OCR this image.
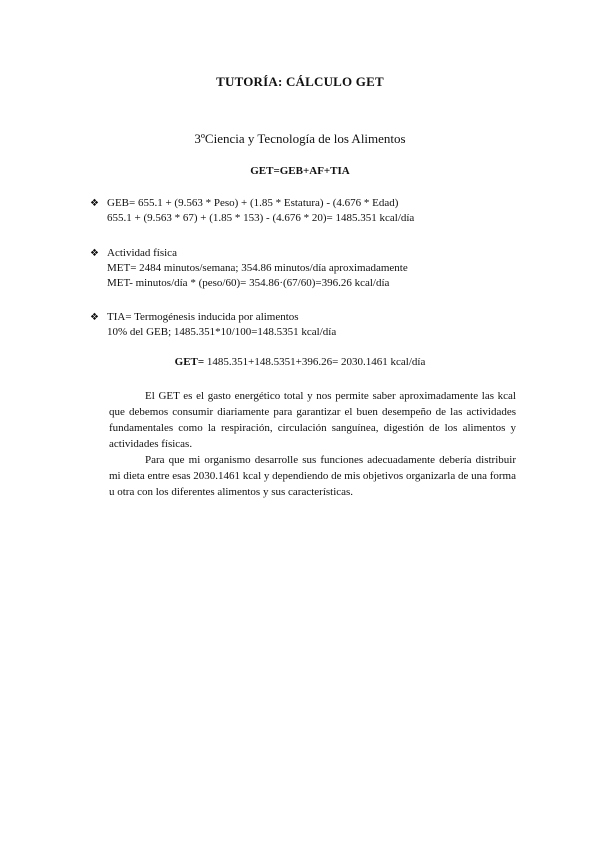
TUTORÍA: CÁLCULO GET
3ºCiencia y Tecnología de los Alimentos
GET=GEB+AF+TIA
❖ GEB= 655.1 + (9.563 * Peso) + (1.85 * Estatura) - (4.676 * Edad)
655.1 + (9.563 * 67) + (1.85 * 153) - (4.676 * 20)= 1485.351 kcal/día
❖ Actividad física
MET= 2484 minutos/semana; 354.86 minutos/día aproximadamente
MET- minutos/día * (peso/60)= 354.86·(67/60)=396.26 kcal/día
❖ TIA= Termogénesis inducida por alimentos
10% del GEB; 1485.351*10/100=148.5351 kcal/día
GET= 1485.351+148.5351+396.26= 2030.1461 kcal/día

El GET es el gasto energético total y nos permite saber aproximadamente las kcal que debemos consumir diariamente para garantizar el buen desempeño de las actividades fundamentales como la respiración, circulación sanguínea, digestión de los alimentos y actividades físicas.

Para que mi organismo desarrolle sus funciones adecuadamente debería distribuir mi dieta entre esas 2030.1461 kcal y dependiendo de mis objetivos organizarla de una forma u otra con los diferentes alimentos y sus características.
